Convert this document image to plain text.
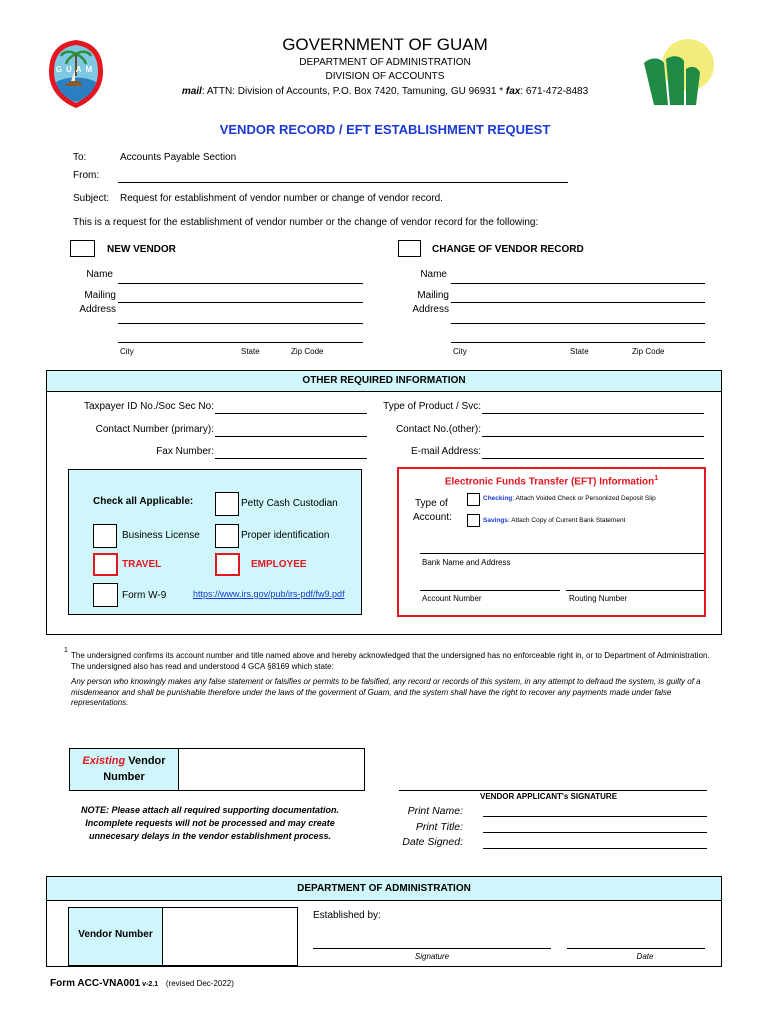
GUAM
GOVERNMENT OF GUAM
DEPARTMENT OF ADMINISTRATION
DIVISION OF ACCOUNTS
mail: ATTN: Division of Accounts, P.O. Box 7420, Tamuning, GU 96931 * fax: 671-472-8483
VENDOR RECORD / EFT ESTABLISHMENT REQUEST
To:	Accounts Payable Section
From:
Subject: Request for establishment of vendor number or change of vendor record.
This is a request for the establishment of vendor number or the change of vendor record for the following:
NEW VENDOR	CHANGE OF VENDOR RECORD
Name
Mailing
Address
City	State	Zip Code
Name
Mailing
Address
City	State	Zip Code
OTHER REQUIRED INFORMATION
Taxpayer ID No./Soc Sec No:
Contact Number (primary):
Fax Number:
Type of Product / Svc:
Contact No.(other):
E-mail Address:
Check all Applicable:	Petty Cash Custodian
Business License	Proper identification
TRAVEL	EMPLOYEE
Form W-9	https://www.irs.gov/pub/irs-pdf/fw9.pdf
Electronic Funds Transfer (EFT) Information$^1$
Type of
Account:
Checking: Attach Voided Check or Personlized Deposit Slip
Savings: Attach Copy of Current Bank Statement
Bank Name and Address
Account Number	Routing Number
1
The undersigned confirms its account number and title named above and hereby acknowledged that the undersigned has no enforceable right in, or to Department of Administration. The undersigned also has read and understood 4 GCA §8169 which state:
Any person who knowingly makes any false statement or falsifies or permits to be falsified, any record or records of this system, in any attempt to defraud the system, is guilty of a misdemeanor and shall be punishable therefore under the laws of the goverment of Guam, and the system shall have the right to recover any payments made under false representations.
Existing Vendor
Number
NOTE: Please attach all required supporting documentation.
Incomplete requests will not be processed and may create
unnecesary delays in the vendor establishment process.
VENDOR APPLICANT's SIGNATURE
Print Name:
Print Title:
Date Signed:
DEPARTMENT OF ADMINISTRATION
Vendor Number
Established by:
Signature	Date
Form ACC-VNA001 v-2.1 (revised Dec-2022)
